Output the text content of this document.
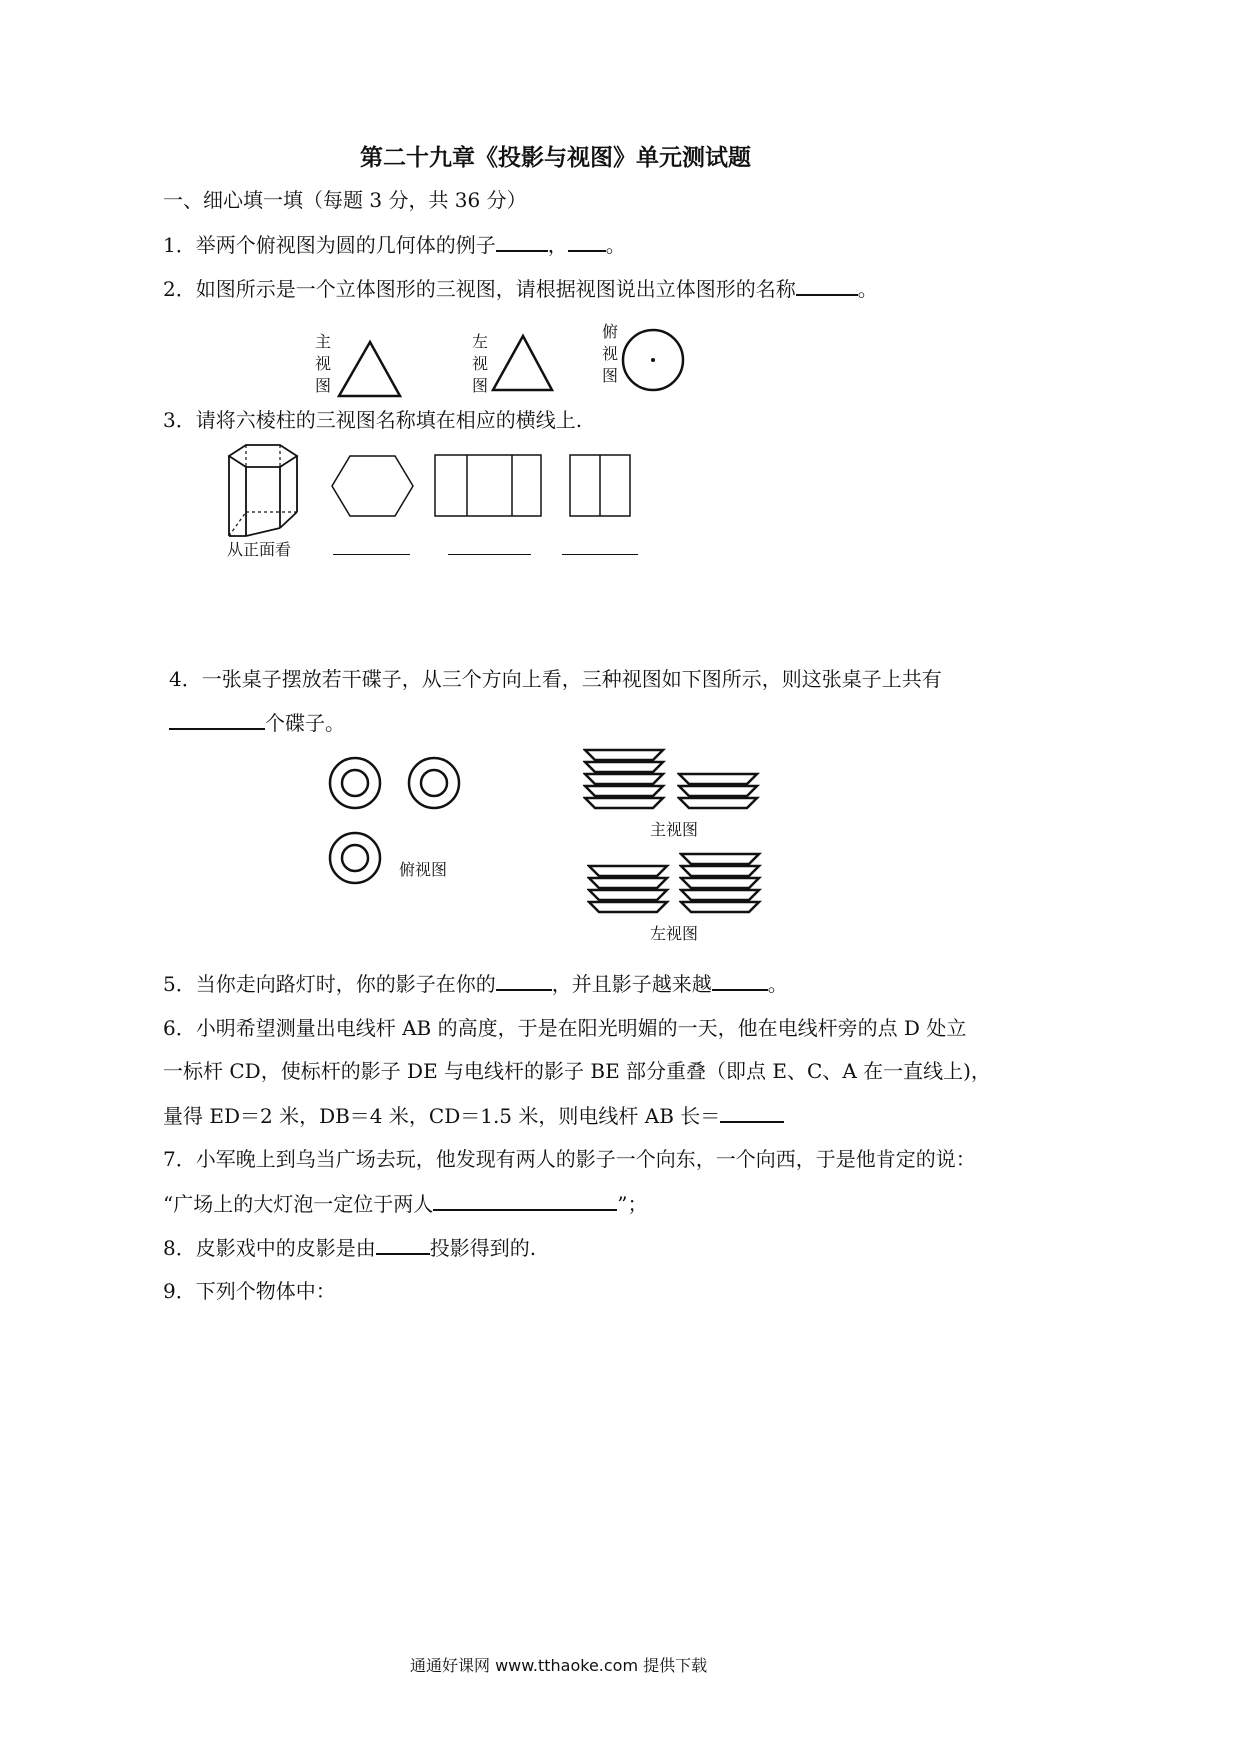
第二十九章《投影与视图》单元测试题
一、细心填一填（每题 3 分，共 36 分）
1．举两个俯视图为圆的几何体的例子	， 。
2．如图所示是一个立体图形的三视图，请根据视图说出立体图形的名称	。
主
视
图
左
视
图
俯
视
图
3．请将六棱柱的三视图名称填在相应的横线上.
从正面看
4．一张桌子摆放若干碟子，从三个方向上看，三种视图如下图所示，则这张桌子上共有
个碟子。
俯视图
主视图
左视图
5．当你走向路灯时，你的影子在你的	，并且影子越来越	。
6．小明希望测量出电线杆 AB 的高度，于是在阳光明媚的一天，他在电线杆旁的点 D 处立
一标杆 CD，使标杆的影子 DE 与电线杆的影子 BE 部分重叠（即点 E、C、A 在一直线上)，
量得 ED＝2 米，DB＝4 米，CD＝1.5 米，则电线杆 AB 长＝
7．小军晚上到乌当广场去玩，他发现有两人的影子一个向东，一个向西，于是他肯定的说：
“广场上的大灯泡一定位于两人	”；
8．皮影戏中的皮影是由	投影得到的.
9．下列个物体中：
通通好课网 www.tthaoke.com 提供下载
